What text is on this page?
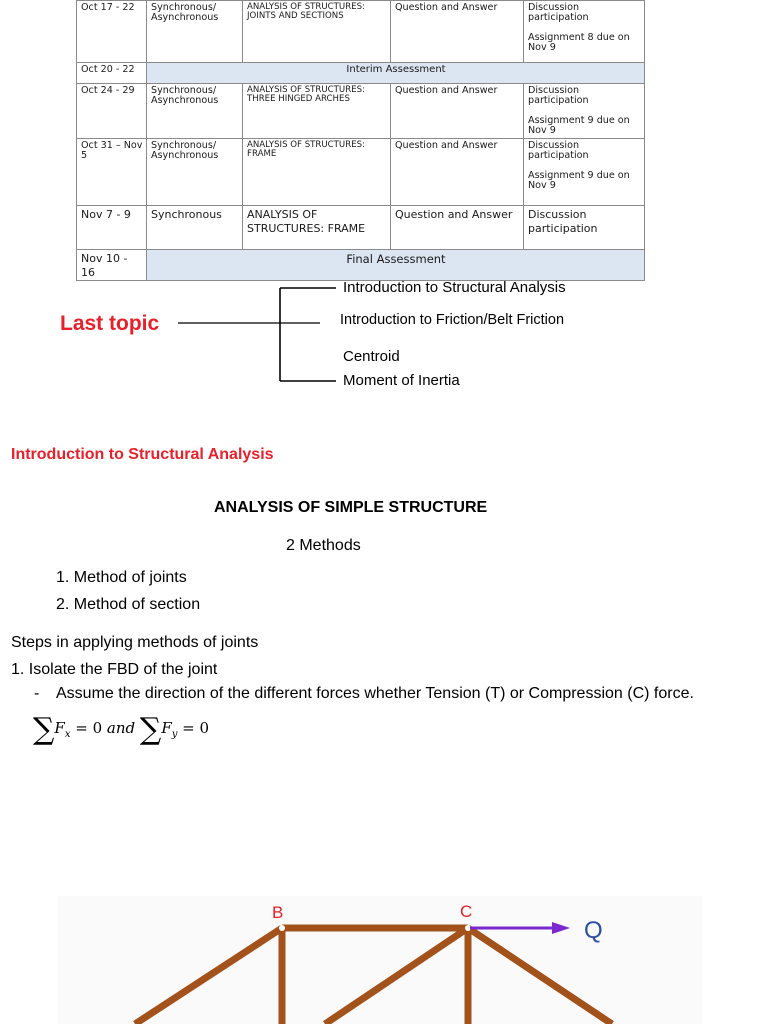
Oct 17 - 22	Synchronous/ Asynchronous	ANALYSIS OF STRUCTURES: JOINTS AND SECTIONS	Question and Answer	Discussion participation
Assignment 8 due on Nov 9
Oct 20 - 22	Interim Assessment			
Oct 24 - 29	Synchronous/ Asynchronous	ANALYSIS OF STRUCTURES: THREE HINGED ARCHES	Question and Answer	Discussion participation
Assignment 9 due on Nov 9
Oct 31 – Nov 5	Synchronous/ Asynchronous	ANALYSIS OF STRUCTURES: FRAME	Question and Answer	Discussion participation
Assignment 9 due on Nov 9
Nov 7 - 9	Synchronous	ANALYSIS OF STRUCTURES: FRAME	Question and Answer	Discussion participation
Nov 10 - 16	Final Assessment			
Last topic
Introduction to Structural Analysis
Introduction to Friction/Belt Friction
Centroid
Moment of Inertia
Introduction to Structural Analysis
ANALYSIS OF SIMPLE STRUCTURE
2 Methods
1. Method of joints
2. Method of section
Steps in applying methods of joints
1. Isolate the FBD of the joint
- Assume the direction of the different forces whether Tension (T) or Compression (C) force.
$\sum F_x = 0$ and $\sum F_y = 0$
B	C
Q
